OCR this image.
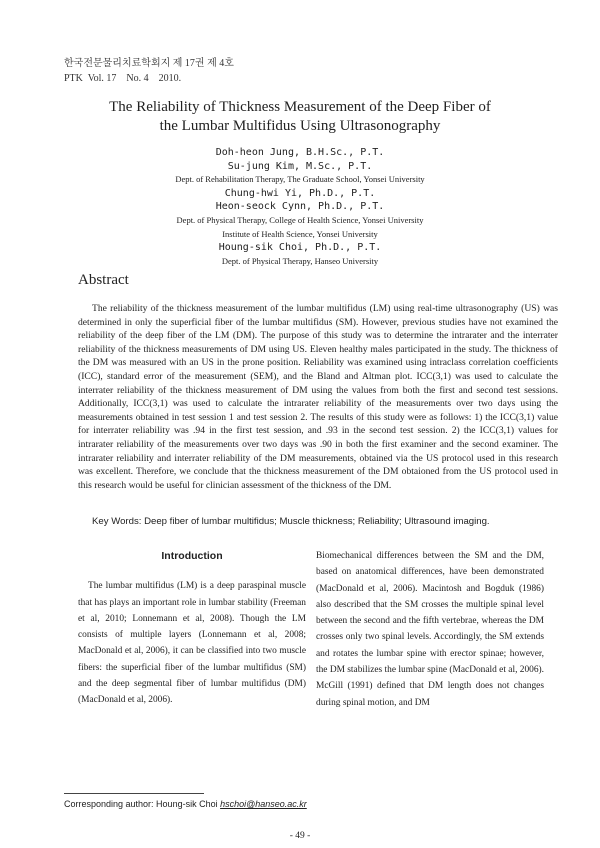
한국전문물리치료학회지 제 17권 제 4호
PTK  Vol. 17    No. 4    2010.
The Reliability of Thickness Measurement of the Deep Fiber of
the Lumbar Multifidus Using Ultrasonography
Doh-heon Jung, B.H.Sc., P.T.
Su-jung Kim, M.Sc., P.T.
Dept. of Rehabilitation Therapy, The Graduate School, Yonsei University
Chung-hwi Yi, Ph.D., P.T.
Heon-seock Cynn, Ph.D., P.T.
Dept. of Physical Therapy, College of Health Science, Yonsei University
Institute of Health Science, Yonsei University
Houng-sik Choi, Ph.D., P.T.
Dept. of Physical Therapy, Hanseo University
Abstract

The reliability of the thickness measurement of the lumbar multifidus (LM) using real-time ultrasonography (US) was determined in only the superficial fiber of the lumbar multifidus (SM). However, previous studies have not examined the reliability of the deep fiber of the LM (DM). The purpose of this study was to determine the intrarater and the interrater reliability of the thickness measurements of DM using US. Eleven healthy males participated in the study. The thickness of the DM was measured with an US in the prone position. Reliability was examined using intraclass correlation coefficients (ICC), standard error of the measurement (SEM), and the Bland and Altman plot. ICC(3,1) was used to calculate the interrater reliability of the thickness measurement of DM using the values from both the first and second test sessions. Additionally, ICC(3,1) was used to calculate the intrarater reliability of the measurements over two days using the measurements obtained in test session 1 and test session 2. The results of this study were as follows: 1) the ICC(3,1) value for interrater reliability was .94 in the first test session, and .93 in the second test session. 2) the ICC(3,1) values for intrarater reliability of the measurements over two days was .90 in both the first examiner and the second examiner. The intrarater reliability and interrater reliability of the DM measurements, obtained via the US protocol used in this research was excellent. Therefore, we conclude that the thickness measurement of the DM obtaioned from the US protocol used in this research would be useful for clinician assessment of the thickness of the DM.

Key Words: Deep fiber of lumbar multifidus; Muscle thickness; Reliability; Ultrasound imaging.
Introduction

The lumbar multifidus (LM) is a deep paraspinal muscle that has plays an important role in lumbar stability (Freeman et al, 2010; Lonnemann et al, 2008). Though the LM consists of multiple layers (Lonnemann et al, 2008; MacDonald et al, 2006), it can be classified into two muscle fibers: the superficial fiber of the lumbar multifidus (SM) and the deep segmental fiber of lumbar multifidus (DM) (MacDonald et al, 2006).

Biomechanical differences between the SM and the DM, based on anatomical differences, have been demonstrated (MacDonald et al, 2006). Macintosh and Bogduk (1986) also described that the SM crosses the multiple spinal level between the second and the fifth vertebrae, whereas the DM crosses only two spinal levels. Accordingly, the SM extends and rotates the lumbar spine with erector spinae; however, the DM stabilizes the lumbar spine (MacDonald et al, 2006). McGill (1991) defined that DM length does not changes during spinal motion, and DM

Corresponding author: Houng-sik Choi hschoi@hanseo.ac.kr
- 49 -
